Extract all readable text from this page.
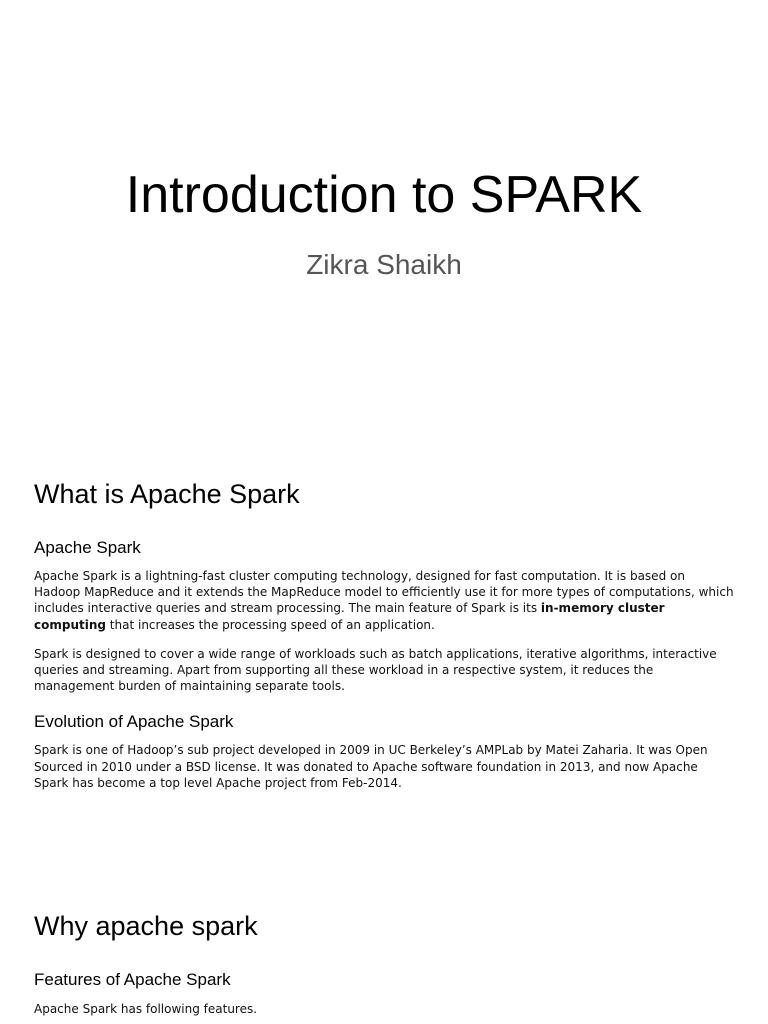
Introduction to SPARK
Zikra Shaikh
What is Apache Spark
Apache Spark

Apache Spark is a lightning-fast cluster computing technology, designed for fast computation. It is based on Hadoop MapReduce and it extends the MapReduce model to efficiently use it for more types of computations, which includes interactive queries and stream processing. The main feature of Spark is its in-memory cluster computing that increases the processing speed of an application.

Spark is designed to cover a wide range of workloads such as batch applications, iterative algorithms, interactive queries and streaming. Apart from supporting all these workload in a respective system, it reduces the management burden of maintaining separate tools.

Evolution of Apache Spark

Spark is one of Hadoop’s sub project developed in 2009 in UC Berkeley’s AMPLab by Matei Zaharia. It was Open Sourced in 2010 under a BSD license. It was donated to Apache software foundation in 2013, and now Apache Spark has become a top level Apache project from Feb-2014.

Why apache spark
Features of Apache Spark

Apache Spark has following features.
